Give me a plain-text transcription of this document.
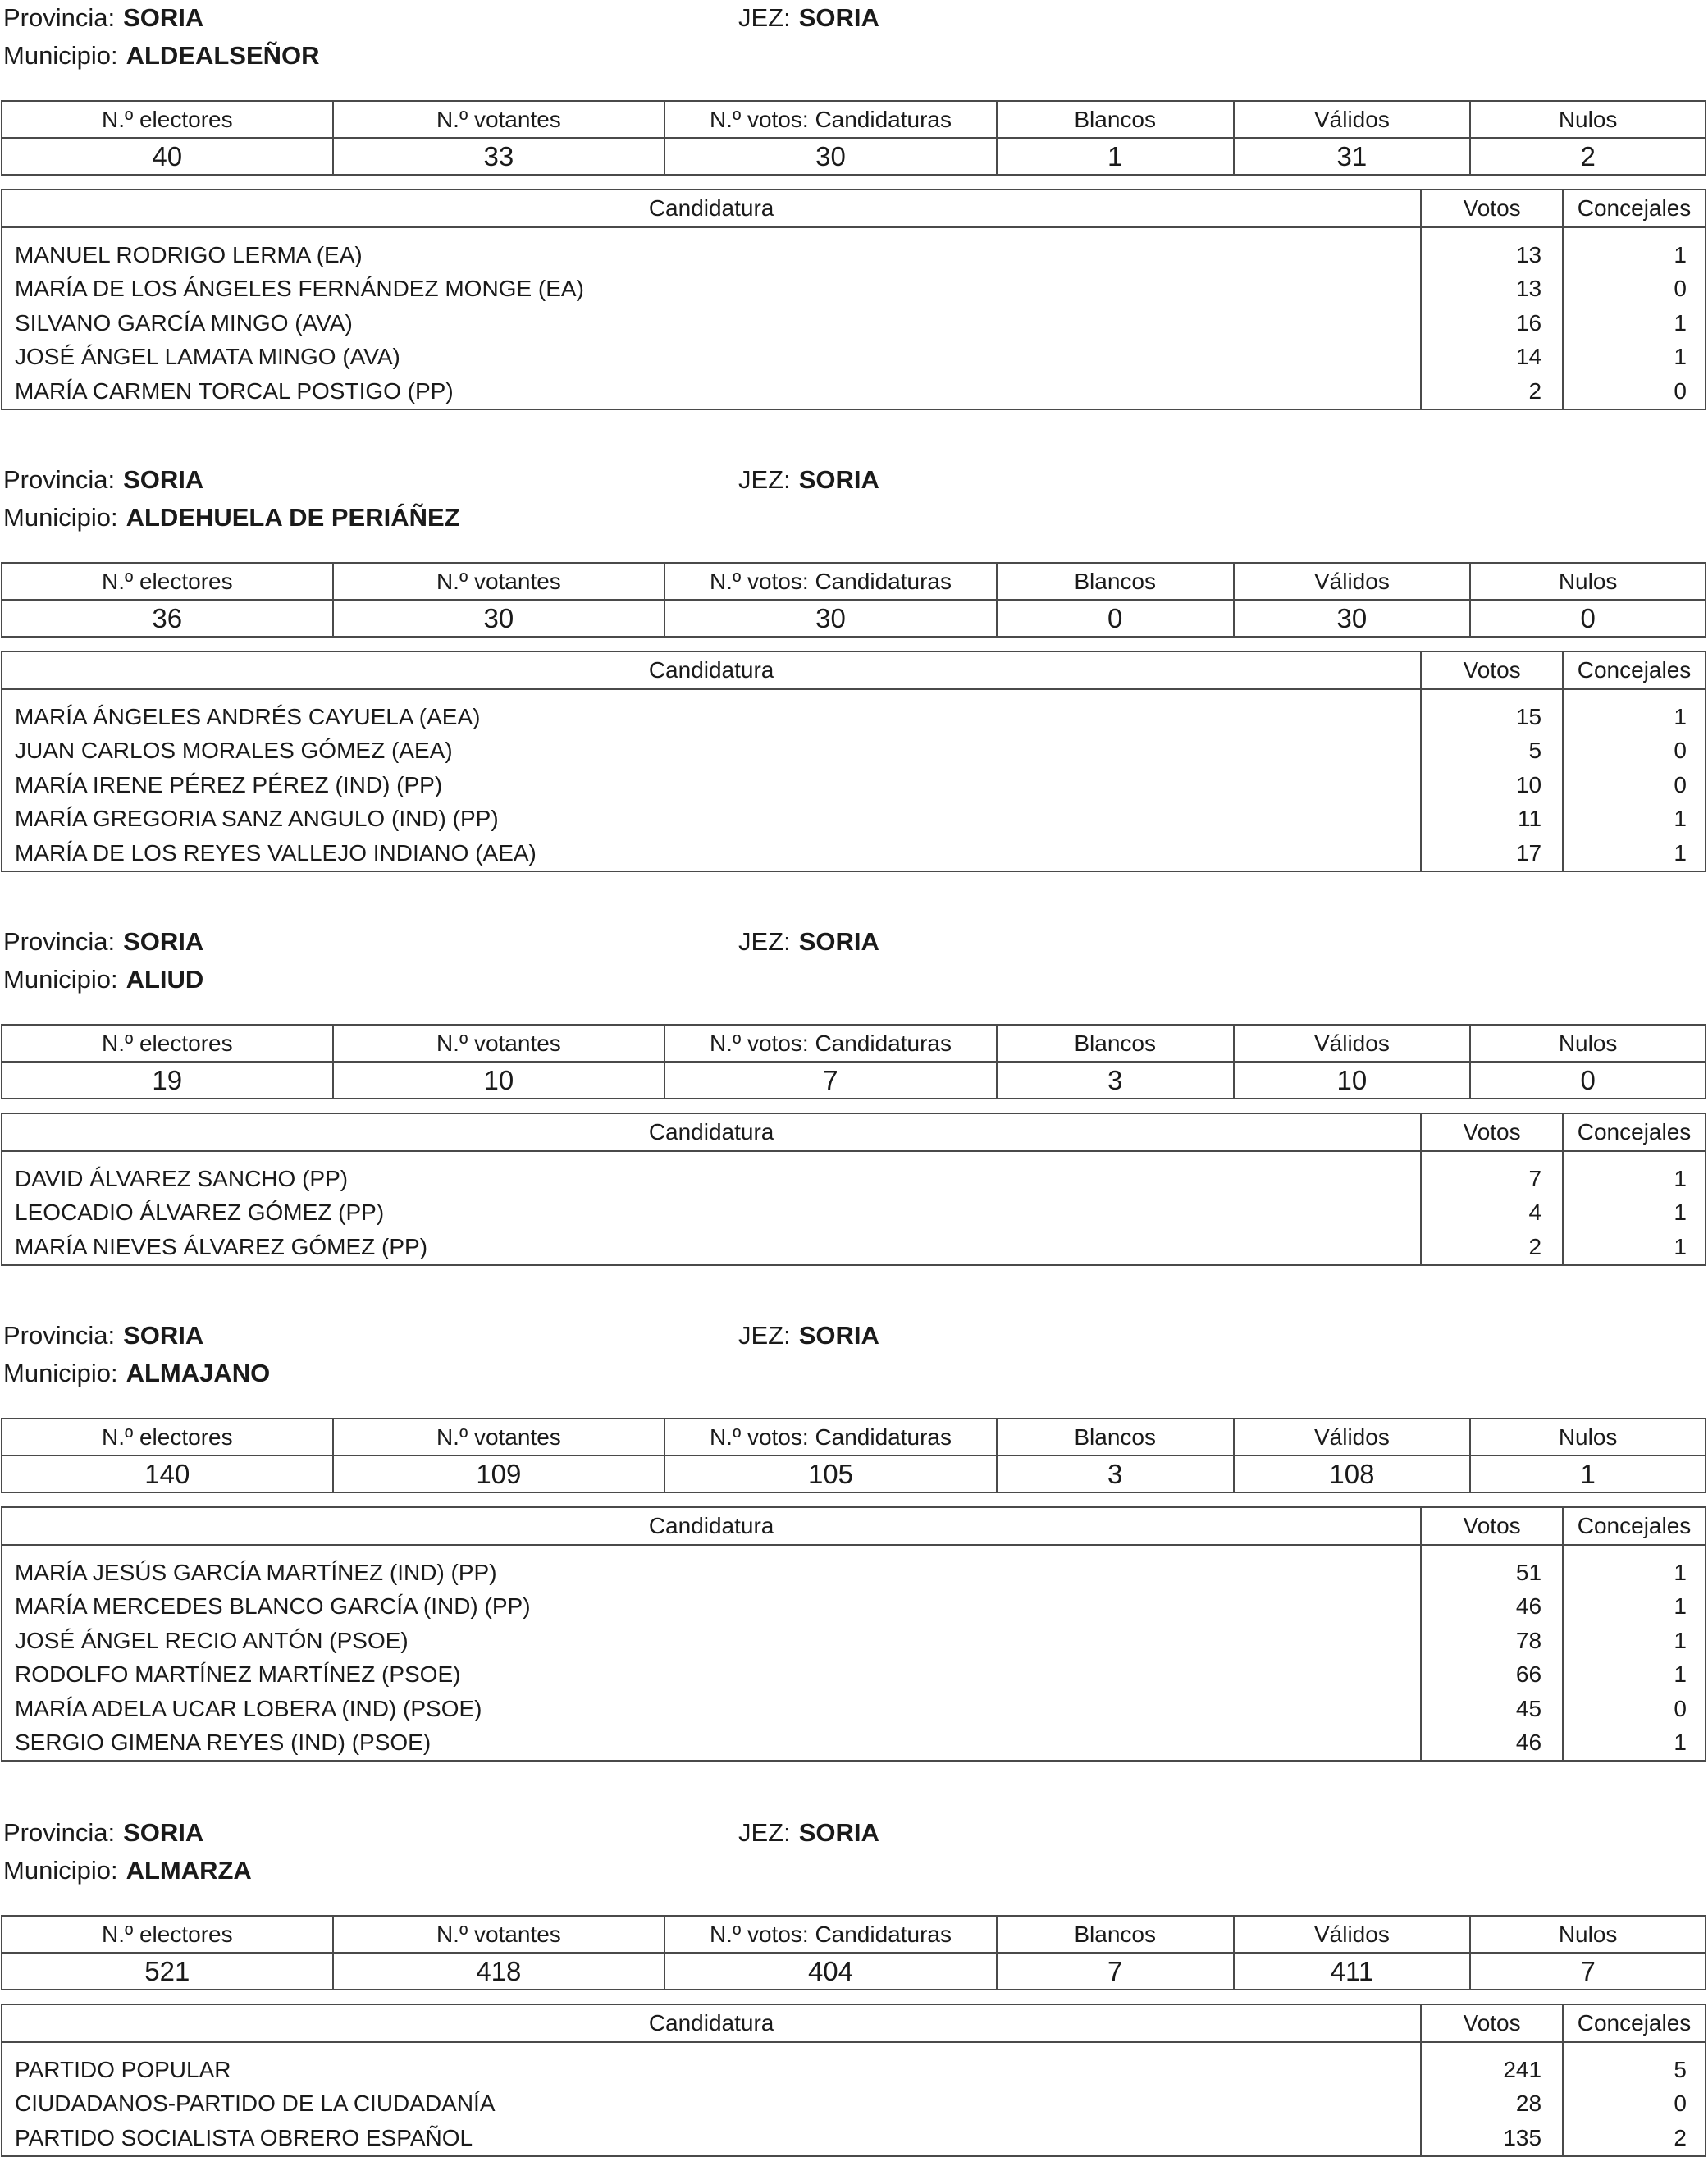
Provincia: SORIA	JEZ: SORIA
Municipio: ALDEALSEÑOR
N.º electores	N.º votantes	N.º votos: Candidaturas	Blancos	Válidos	Nulos
40	33	30	1	31	2
Candidatura	Votos	Concejales
MANUEL RODRIGO LERMA (EA)	13	1
MARÍA DE LOS ÁNGELES FERNÁNDEZ MONGE (EA)	13	0
SILVANO GARCÍA MINGO (AVA)	16	1
JOSÉ ÁNGEL LAMATA MINGO (AVA)	14	1
MARÍA CARMEN TORCAL POSTIGO (PP)	2	0
Provincia: SORIA	JEZ: SORIA
Municipio: ALDEHUELA DE PERIÁÑEZ
N.º electores	N.º votantes	N.º votos: Candidaturas	Blancos	Válidos	Nulos
36	30	30	0	30	0
Candidatura	Votos	Concejales
MARÍA ÁNGELES ANDRÉS CAYUELA (AEA)	15	1
JUAN CARLOS MORALES GÓMEZ (AEA)	5	0
MARÍA IRENE PÉREZ PÉREZ (IND) (PP)	10	0
MARÍA GREGORIA SANZ ANGULO (IND) (PP)	11	1
MARÍA DE LOS REYES VALLEJO INDIANO (AEA)	17	1
Provincia: SORIA	JEZ: SORIA
Municipio: ALIUD
N.º electores	N.º votantes	N.º votos: Candidaturas	Blancos	Válidos	Nulos
19	10	7	3	10	0
Candidatura	Votos	Concejales
DAVID ÁLVAREZ SANCHO (PP)	7	1
LEOCADIO ÁLVAREZ GÓMEZ (PP)	4	1
MARÍA NIEVES ÁLVAREZ GÓMEZ (PP)	2	1
Provincia: SORIA	JEZ: SORIA
Municipio: ALMAJANO
N.º electores	N.º votantes	N.º votos: Candidaturas	Blancos	Válidos	Nulos
140	109	105	3	108	1
Candidatura	Votos	Concejales
MARÍA JESÚS GARCÍA MARTÍNEZ (IND) (PP)	51	1
MARÍA MERCEDES BLANCO GARCÍA (IND) (PP)	46	1
JOSÉ ÁNGEL RECIO ANTÓN (PSOE)	78	1
RODOLFO MARTÍNEZ MARTÍNEZ (PSOE)	66	1
MARÍA ADELA UCAR LOBERA (IND) (PSOE)	45	0
SERGIO GIMENA REYES (IND) (PSOE)	46	1
Provincia: SORIA	JEZ: SORIA
Municipio: ALMARZA
N.º electores	N.º votantes	N.º votos: Candidaturas	Blancos	Válidos	Nulos
521	418	404	7	411	7
Candidatura	Votos	Concejales
PARTIDO POPULAR	241	5
CIUDADANOS-PARTIDO DE LA CIUDADANÍA	28	0
PARTIDO SOCIALISTA OBRERO ESPAÑOL	135	2
